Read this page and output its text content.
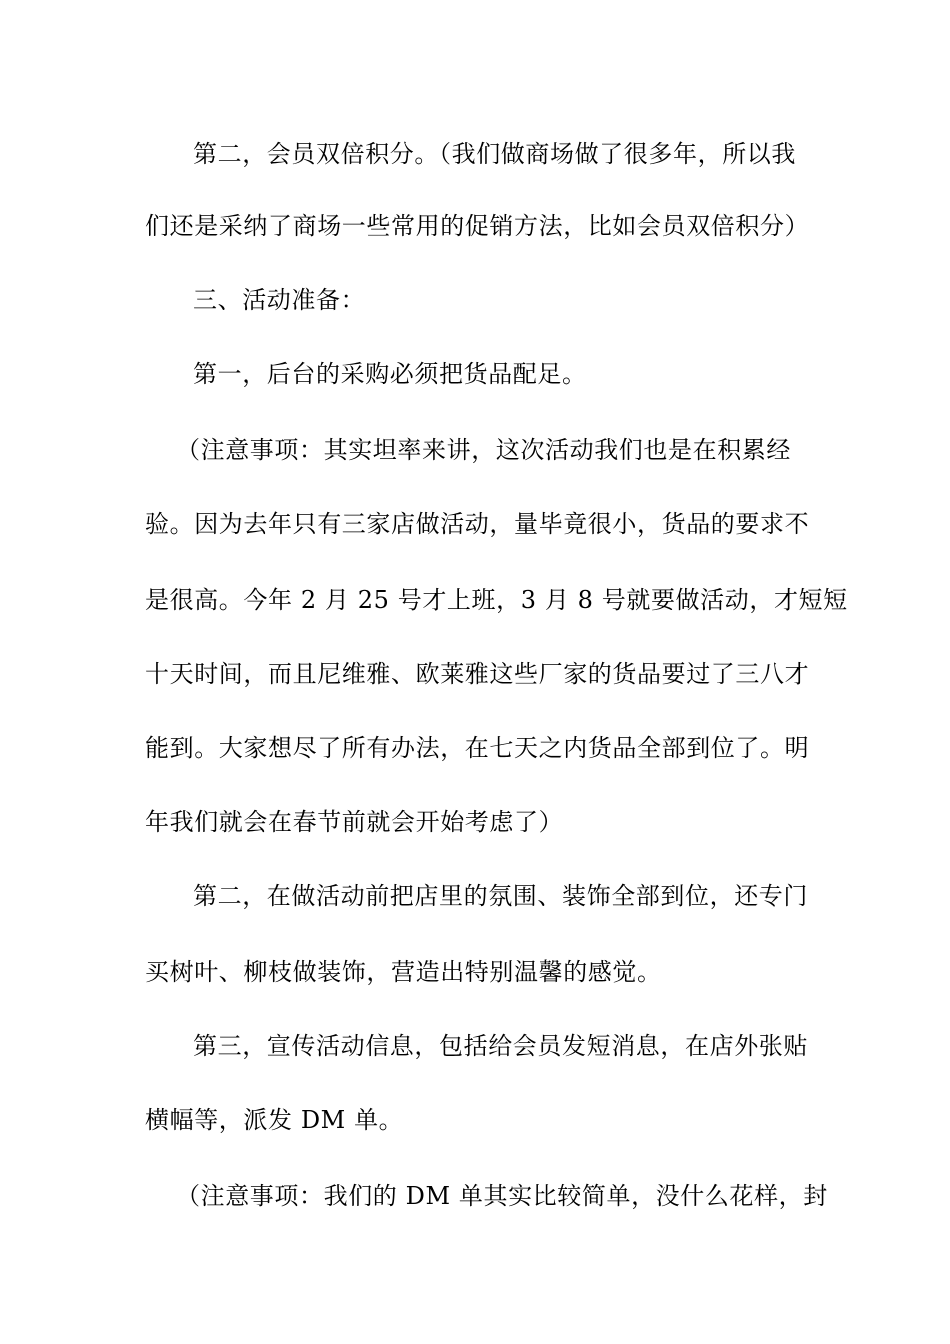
第二，会员双倍积分。（我们做商场做了很多年，所以我
们还是采纳了商场一些常用的促销方法，比如会员双倍积分）
三、活动准备：
第一，后台的采购必须把货品配足。
（注意事项：其实坦率来讲，这次活动我们也是在积累经
验。因为去年只有三家店做活动，量毕竟很小，货品的要求不
是很高。今年 2 月 25 号才上班，3 月 8 号就要做活动，才短短
十天时间，而且尼维雅、欧莱雅这些厂家的货品要过了三八才
能到。大家想尽了所有办法，在七天之内货品全部到位了。明
年我们就会在春节前就会开始考虑了）
第二，在做活动前把店里的氛围、装饰全部到位，还专门
买树叶、柳枝做装饰，营造出特别温馨的感觉。
第三，宣传活动信息，包括给会员发短消息，在店外张贴
横幅等，派发 DM 单。
（注意事项：我们的 DM 单其实比较简单，没什么花样，封
